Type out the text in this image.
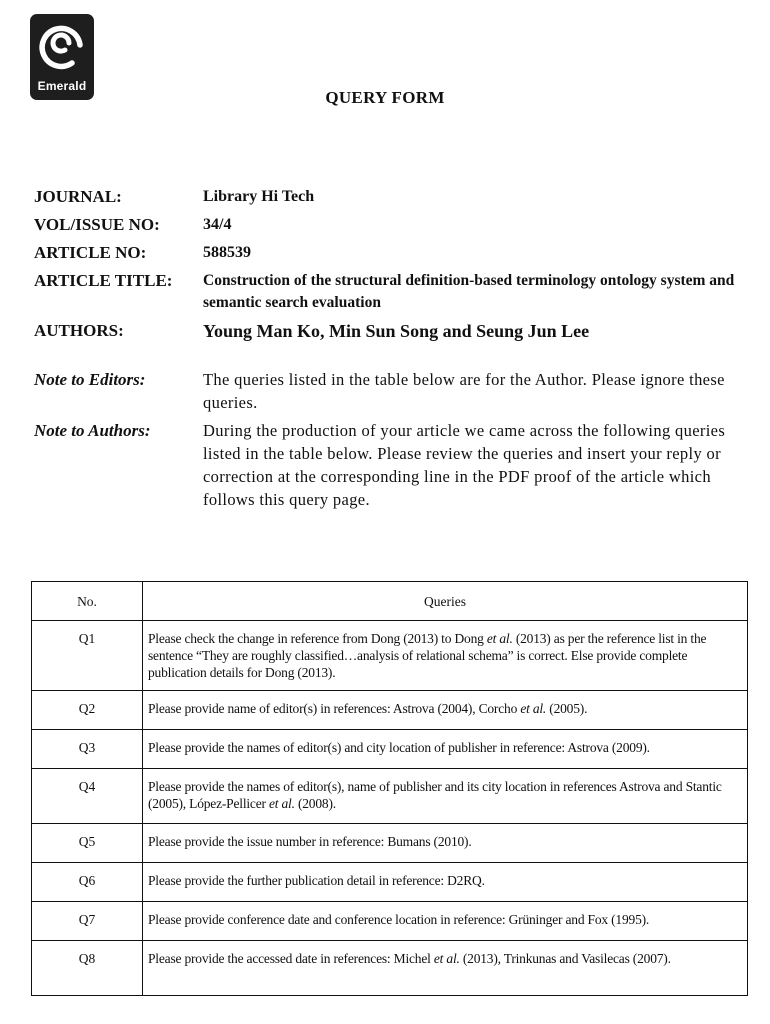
Emerald
QUERY FORM
JOURNAL:	Library Hi Tech
VOL/ISSUE NO:	34/4
ARTICLE NO:	588539
ARTICLE TITLE:	Construction of the structural definition-based terminology ontology system and semantic search evaluation
AUTHORS:	Young Man Ko, Min Sun Song and Seung Jun Lee
Note to Editors:	The queries listed in the table below are for the Author. Please ignore these queries.
Note to Authors:	During the production of your article we came across the following queries listed in the table below. Please review the queries and insert your reply or correction at the corresponding line in the PDF proof of the article which follows this query page.
No.	Queries
Q1	Please check the change in reference from Dong (2013) to Dong et al. (2013) as per the reference list in the sentence “They are roughly classified…analysis of relational schema” is correct. Else provide complete publication details for Dong (2013).
Q2	Please provide name of editor(s) in references: Astrova (2004), Corcho et al. (2005).
Q3	Please provide the names of editor(s) and city location of publisher in reference: Astrova (2009).
Q4	Please provide the names of editor(s), name of publisher and its city location in references Astrova and Stantic (2005), López-Pellicer et al. (2008).
Q5	Please provide the issue number in reference: Bumans (2010).
Q6	Please provide the further publication detail in reference: D2RQ.
Q7	Please provide conference date and conference location in reference: Grüninger and Fox (1995).
Q8	Please provide the accessed date in references: Michel et al. (2013), Trinkunas and Vasilecas (2007).
